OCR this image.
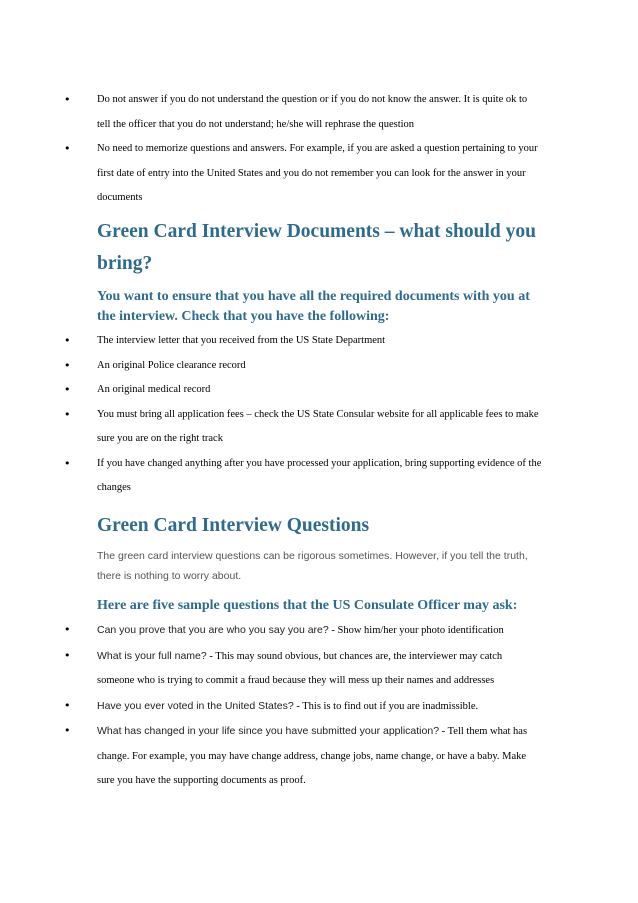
•	Do not answer if you do not understand the question or if you do not know the answer. It is quite ok to tell the officer that you do not understand; he/she will rephrase the question
•	No need to memorize questions and answers. For example, if you are asked a question pertaining to your first date of entry into the United States and you do not remember you can look for the answer in your documents
Green Card Interview Documents – what should you bring?
You want to ensure that you have all the required documents with you at the interview. Check that you have the following:
•	The interview letter that you received from the US State Department
•	An original Police clearance record
•	An original medical record
•	You must bring all application fees – check the US State Consular website for all applicable fees to make sure you are on the right track
•	If you have changed anything after you have processed your application, bring supporting evidence of the changes
Green Card Interview Questions

The green card interview questions can be rigorous sometimes. However, if you tell the truth, there is nothing to worry about.

Here are five sample questions that the US Consulate Officer may ask:
•	Can you prove that you are who you say you are? - Show him/her your photo identification
•	What is your full name? - This may sound obvious, but chances are, the interviewer may catch someone who is trying to commit a fraud because they will mess up their names and addresses
•	Have you ever voted in the United States? - This is to find out if you are inadmissible.
•	What has changed in your life since you have submitted your application? - Tell them what has change. For example, you may have change address, change jobs, name change, or have a baby. Make sure you have the supporting documents as proof.
